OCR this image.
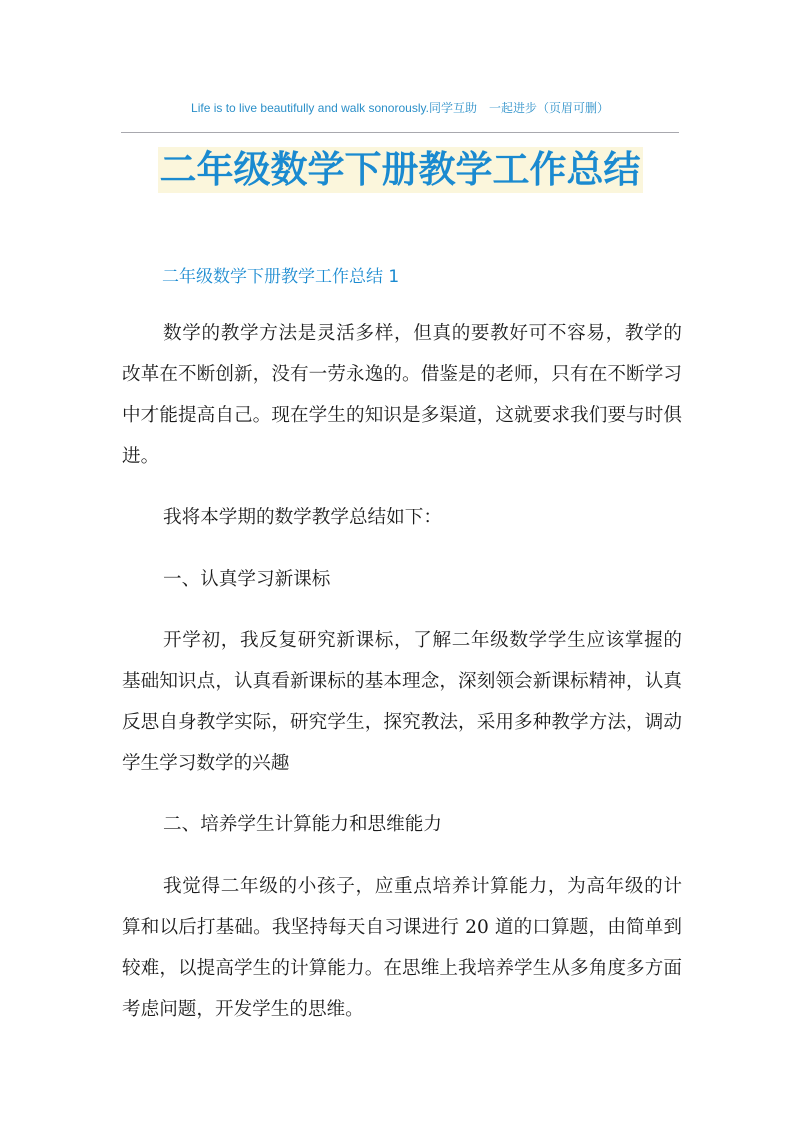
Life is to live beautifully and walk sonorously.同学互助　一起进步（页眉可删）
二年级数学下册教学工作总结
二年级数学下册教学工作总结 1

数学的教学方法是灵活多样，但真的要教好可不容易，教学的改革在不断创新，没有一劳永逸的。借鉴是的老师，只有在不断学习中才能提高自己。现在学生的知识是多渠道，这就要求我们要与时俱进。

我将本学期的数学教学总结如下：

一、认真学习新课标

开学初，我反复研究新课标，了解二年级数学学生应该掌握的基础知识点，认真看新课标的基本理念，深刻领会新课标精神，认真反思自身教学实际，研究学生，探究教法，采用多种教学方法，调动学生学习数学的兴趣

二、培养学生计算能力和思维能力

我觉得二年级的小孩子，应重点培养计算能力，为高年级的计算和以后打基础。我坚持每天自习课进行 20 道的口算题，由简单到较难，以提高学生的计算能力。在思维上我培养学生从多角度多方面考虑问题，开发学生的思维。
